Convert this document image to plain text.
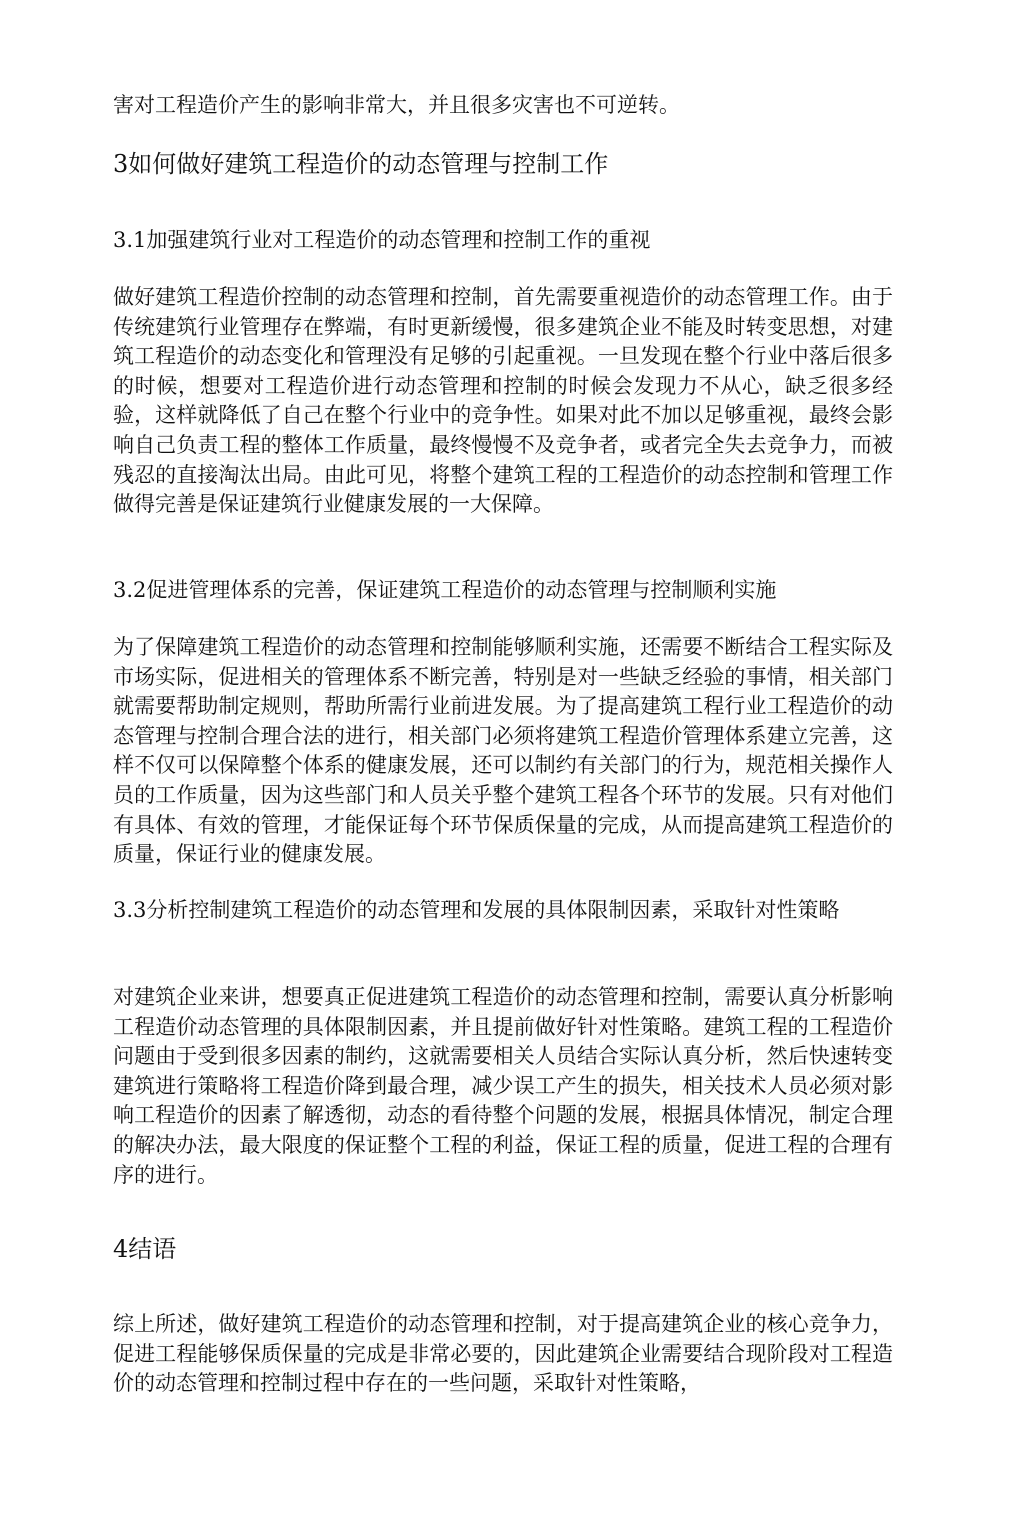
害对工程造价产生的影响非常大，并且很多灾害也不可逆转。

3如何做好建筑工程造价的动态管理与控制工作
3.1加强建筑行业对工程造价的动态管理和控制工作的重视

做好建筑工程造价控制的动态管理和控制，首先需要重视造价的动态管理工作。由于传统建筑行业管理存在弊端，有时更新缓慢，很多建筑企业不能及时转变思想，对建筑工程造价的动态变化和管理没有足够的引起重视。一旦发现在整个行业中落后很多的时候，想要对工程造价进行动态管理和控制的时候会发现力不从心，缺乏很多经验，这样就降低了自己在整个行业中的竞争性。如果对此不加以足够重视，最终会影响自己负责工程的整体工作质量，最终慢慢不及竞争者，或者完全失去竞争力，而被残忍的直接淘汰出局。由此可见，将整个建筑工程的工程造价的动态控制和管理工作做得完善是保证建筑行业健康发展的一大保障。

3.2促进管理体系的完善，保证建筑工程造价的动态管理与控制顺利实施

为了保障建筑工程造价的动态管理和控制能够顺利实施，还需要不断结合工程实际及市场实际，促进相关的管理体系不断完善，特别是对一些缺乏经验的事情，相关部门就需要帮助制定规则，帮助所需行业前进发展。为了提高建筑工程行业工程造价的动态管理与控制合理合法的进行，相关部门必须将建筑工程造价管理体系建立完善，这样不仅可以保障整个体系的健康发展，还可以制约有关部门的行为，规范相关操作人员的工作质量，因为这些部门和人员关乎整个建筑工程各个环节的发展。只有对他们有具体、有效的管理，才能保证每个环节保质保量的完成，从而提高建筑工程造价的质量，保证行业的健康发展。

3.3分析控制建筑工程造价的动态管理和发展的具体限制因素，采取针对性策略

对建筑企业来讲，想要真正促进建筑工程造价的动态管理和控制，需要认真分析影响工程造价动态管理的具体限制因素，并且提前做好针对性策略。建筑工程的工程造价问题由于受到很多因素的制约，这就需要相关人员结合实际认真分析，然后快速转变建筑进行策略将工程造价降到最合理，减少误工产生的损失，相关技术人员必须对影响工程造价的因素了解透彻，动态的看待整个问题的发展，根据具体情况，制定合理的解决办法，最大限度的保证整个工程的利益，保证工程的质量，促进工程的合理有序的进行。

4结语

综上所述，做好建筑工程造价的动态管理和控制，对于提高建筑企业的核心竞争力，促进工程能够保质保量的完成是非常必要的，因此建筑企业需要结合现阶段对工程造价的动态管理和控制过程中存在的一些问题，采取针对性策略，
